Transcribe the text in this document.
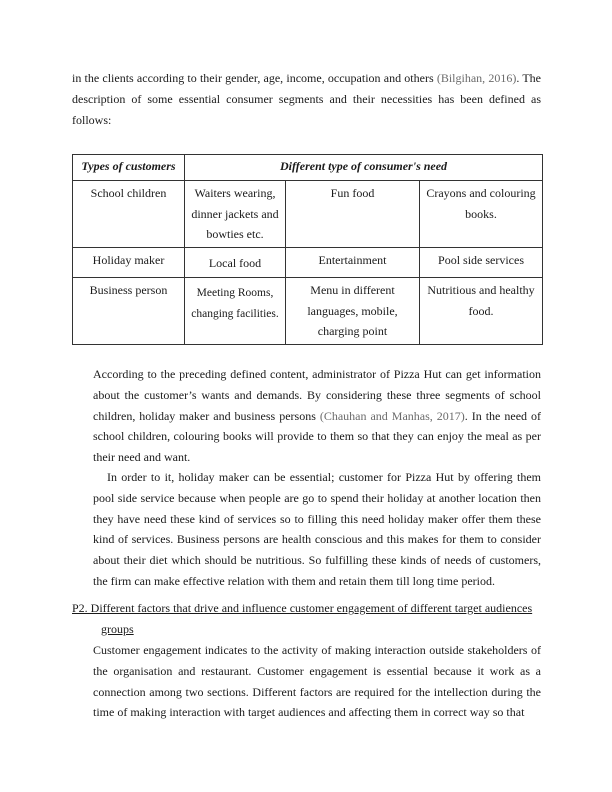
in the clients according to their gender, age, income, occupation and others (Bilgihan, 2016). The description of some essential consumer segments and their necessities has been defined as follows:

Types of customers	Different type of consumer's need		
School children	Waiters wearing, dinner jackets and bowties etc.	Fun food	Crayons and colouring books.
Holiday maker	Local food	Entertainment	Pool side services
Business person	Meeting Rooms, changing facilities.	Menu in different languages, mobile, charging point	Nutritious and healthy food.

According to the preceding defined content, administrator of Pizza Hut can get information about the customer’s wants and demands. By considering these three segments of school children, holiday maker and business persons (Chauhan and Manhas, 2017). In the need of school children, colouring books will provide to them so that they can enjoy the meal as per their need and want.

In order to it, holiday maker can be essential; customer for Pizza Hut by offering them pool side service because when people are go to spend their holiday at another location then they have need these kind of services so to filling this need holiday maker offer them these kind of services. Business persons are health conscious and this makes for them to consider about their diet which should be nutritious. So fulfilling these kinds of needs of customers, the firm can make effective relation with them and retain them till long time period.

P2. Different factors that drive and influence customer engagement of different target audiences
groups

Customer engagement indicates to the activity of making interaction outside stakeholders of the organisation and restaurant. Customer engagement is essential because it work as a connection among two sections. Different factors are required for the intellection during the time of making interaction with target audiences and affecting them in correct way so that
